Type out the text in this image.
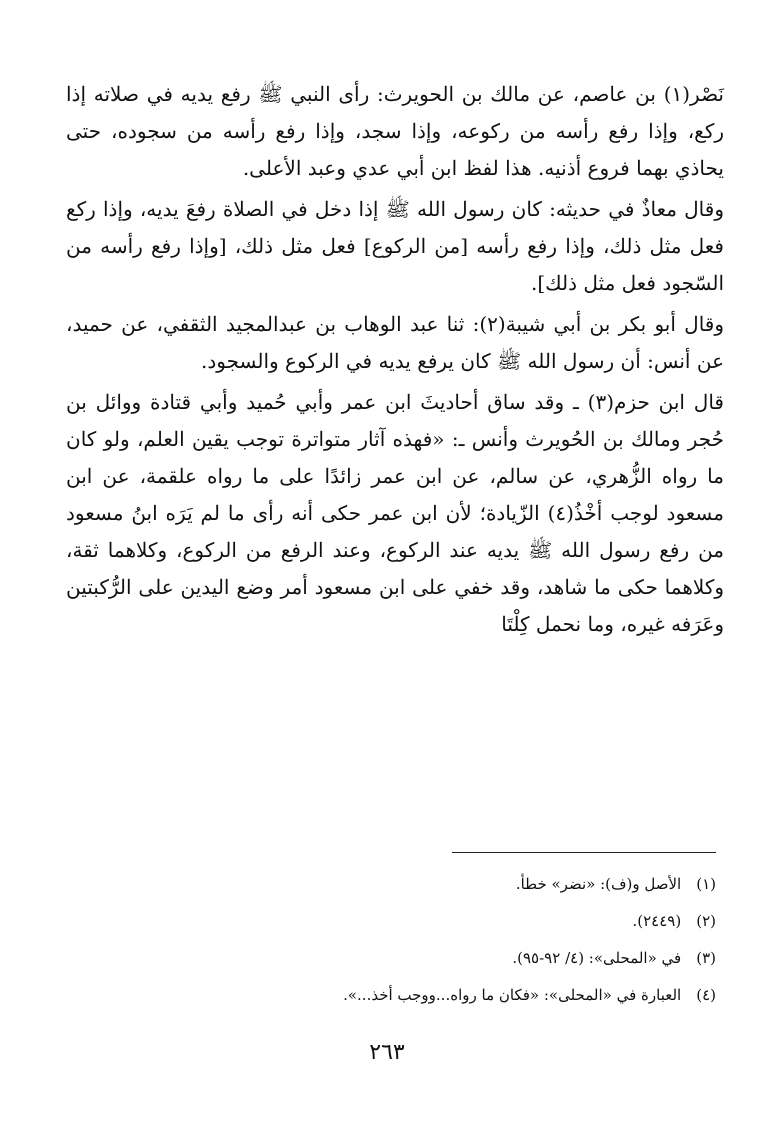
نَصْر(١) بن عاصم، عن مالك بن الحويرث: رأى النبي ﷺ رفع يديه في صلاته إذا ركع، وإذا رفع رأسه من ركوعه، وإذا سجد، وإذا رفع رأسه من سجوده، حتى يحاذي بهما فروع أذنيه. هذا لفظ ابن أبي عدي وعبد الأعلى.

وقال معاذٌ في حديثه: كان رسول الله ﷺ إذا دخل في الصلاة رفعَ يديه، وإذا ركع فعل مثل ذلك، وإذا رفع رأسه [من الركوع] فعل مثل ذلك، [وإذا رفع رأسه من السّجود فعل مثل ذلك].

وقال أبو بكر بن أبي شيبة(٢): ثنا عبد الوهاب بن عبدالمجيد الثقفي، عن حميد، عن أنس: أن رسول الله ﷺ كان يرفع يديه في الركوع والسجود.

قال ابن حزم(٣) ـ وقد ساق أحاديثَ ابن عمر وأبي حُميد وأبي قتادة ووائل بن حُجر ومالك بن الحُويرث وأنس ـ: «فهذه آثار متواترة توجب يقين العلم، ولو كان ما رواه الزُّهري، عن سالم، عن ابن عمر زائدًا على ما رواه علقمة، عن ابن مسعود لوجب أخْذُ(٤) الزّيادة؛ لأن ابن عمر حكى أنه رأى ما لم يَرَه ابنُ مسعود من رفع رسول الله ﷺ يديه عند الركوع، وعند الرفع من الركوع، وكلاهما ثقة، وكلاهما حكى ما شاهد، وقد خفي على ابن مسعود أمر وضع اليدين على الرُّكبتين وعَرَفه غيره، وما نحمل كِلْتَا

(١) الأصل و(ف): «نضر» خطأ.
(٢) (٢٤٤٩).
(٣) في «المحلى»: (٤/ ٩٢-٩٥).
(٤) العبارة في «المحلى»: «فكان ما رواه...ووجب أخذ...».
٢٦٣
